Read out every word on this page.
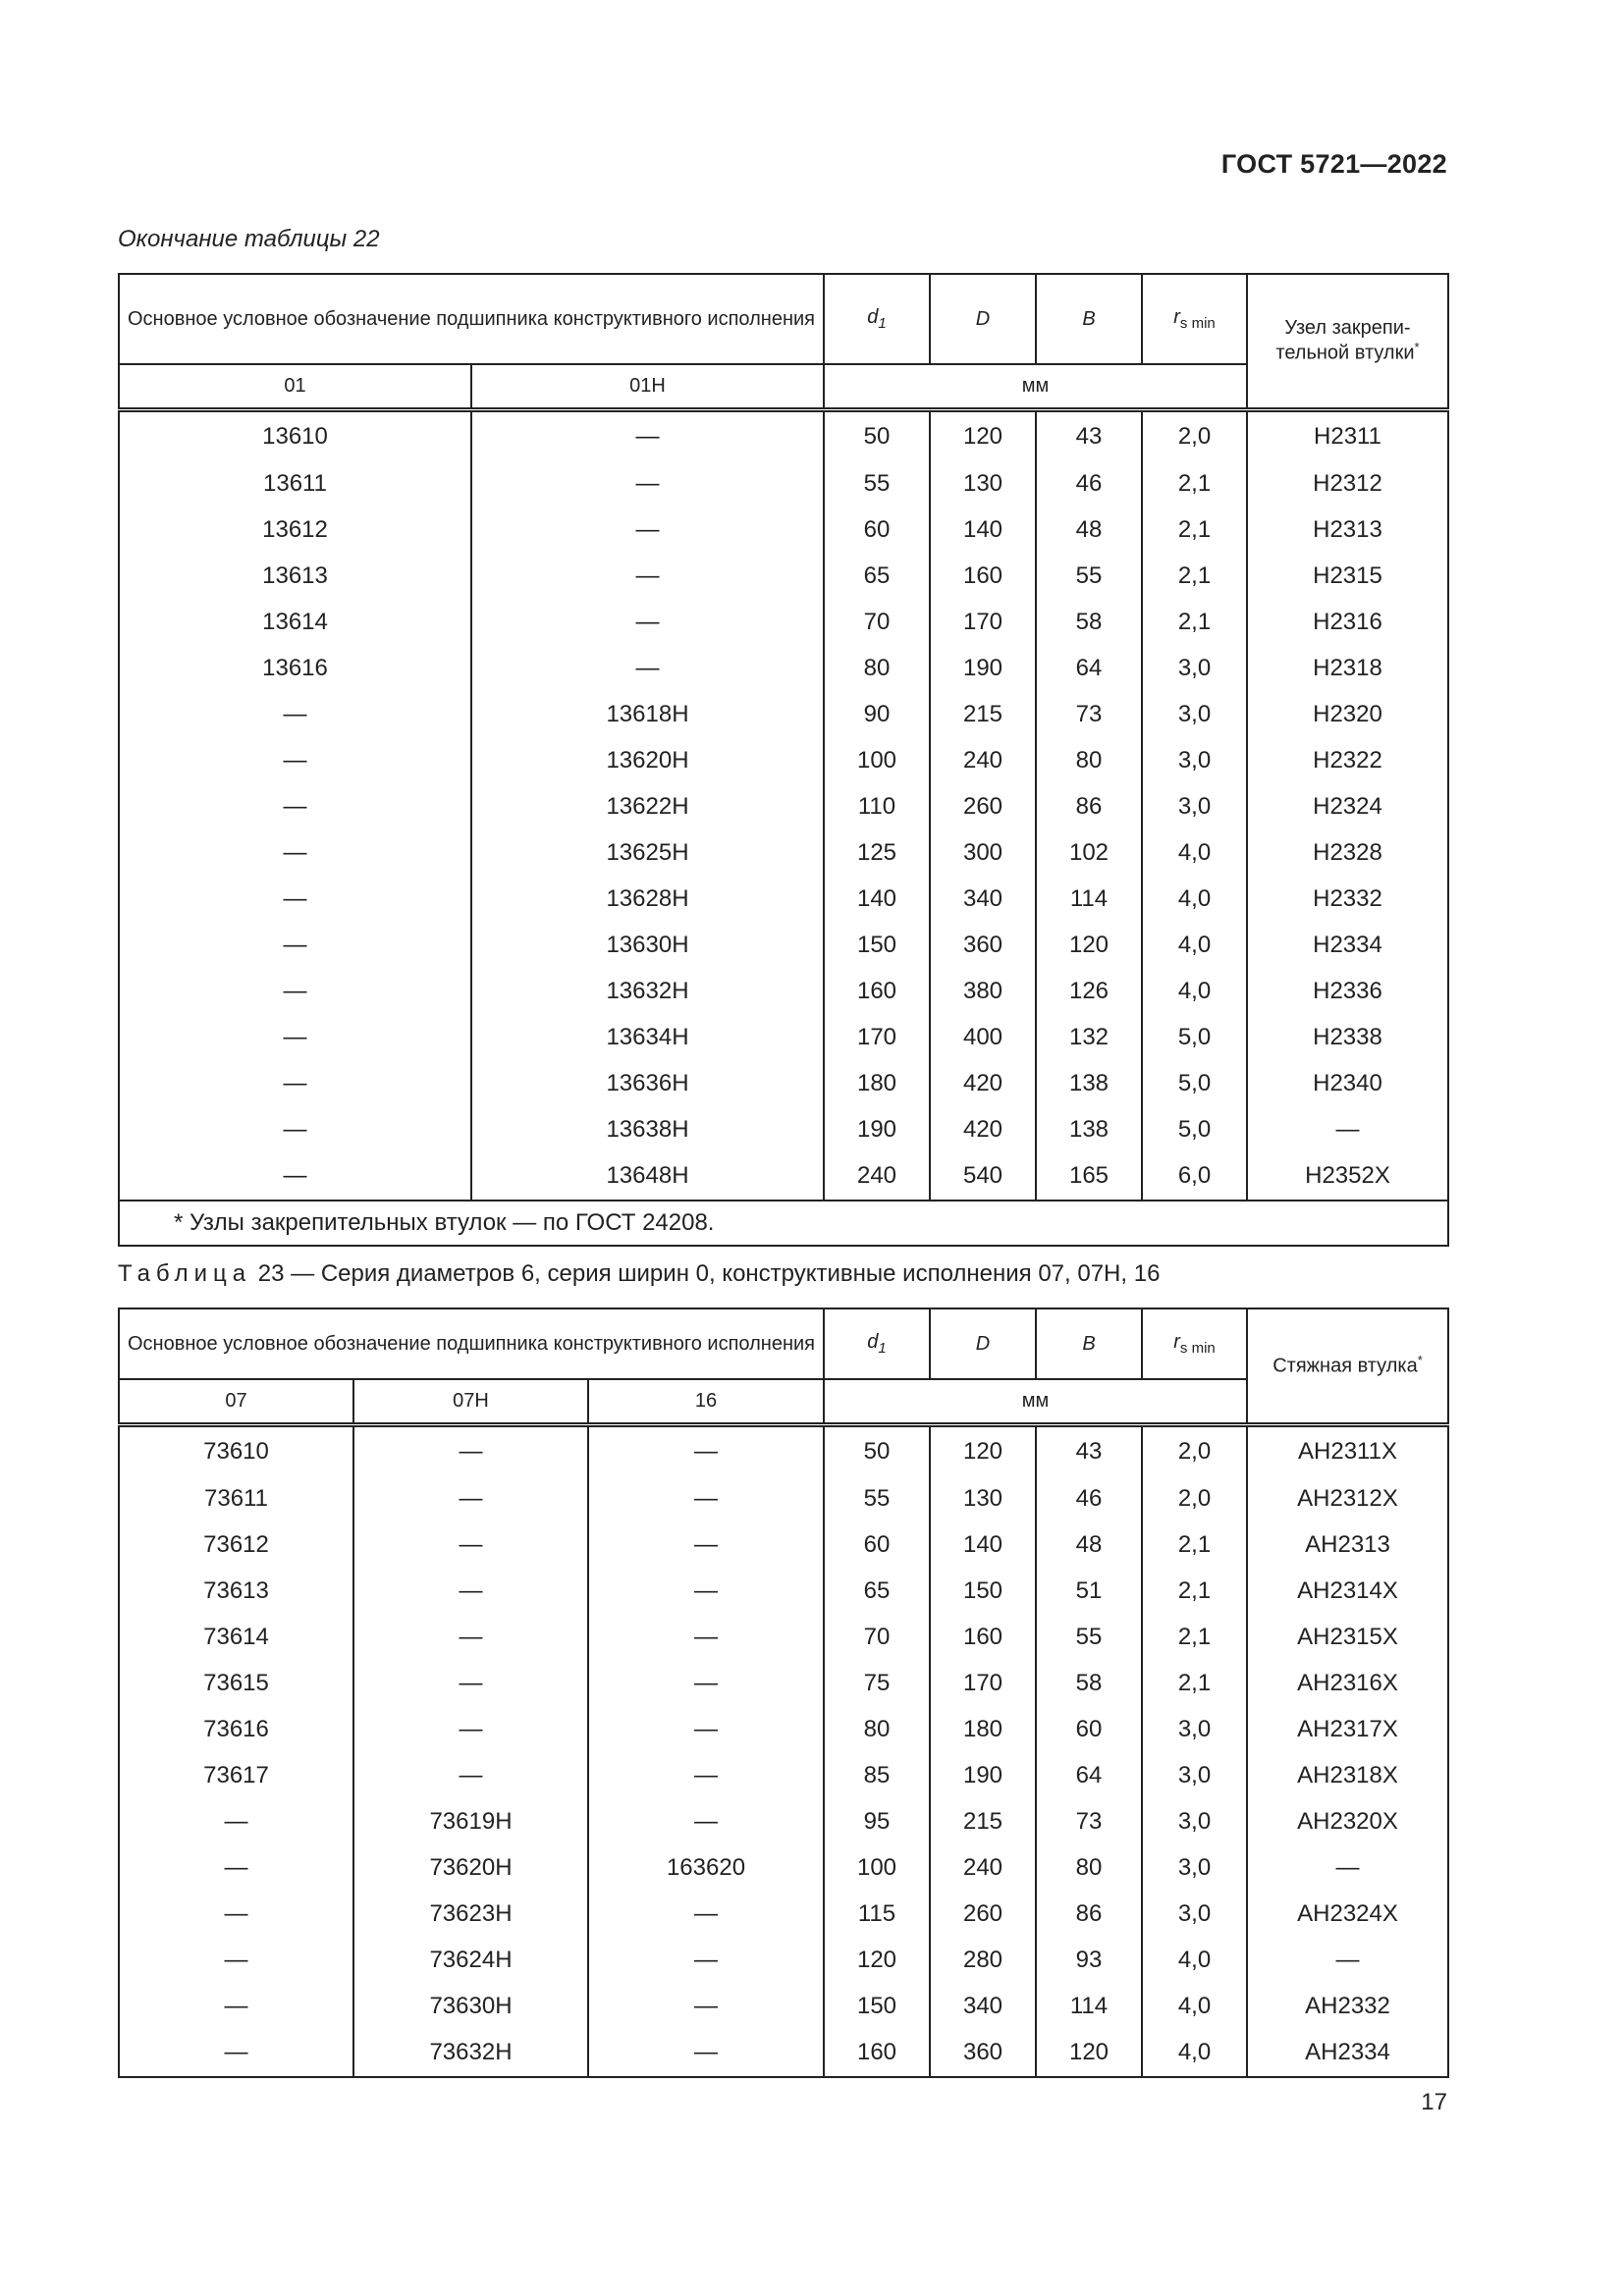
ГОСТ 5721—2022
Окончание таблицы 22
Основное условное обозначение подшипника конструктивного исполнения		$d_1$	D	B	$r_{s min}$	Узел закрепи-тельной втулки*
01	01H	мм				
13610	—	50	120	43	2,0	H2311
13611	—	55	130	46	2,1	H2312
13612	—	60	140	48	2,1	H2313
13613	—	65	160	55	2,1	H2315
13614	—	70	170	58	2,1	H2316
13616	—	80	190	64	3,0	H2318
—	13618H	90	215	73	3,0	H2320
—	13620H	100	240	80	3,0	H2322
—	13622H	110	260	86	3,0	H2324
—	13625H	125	300	102	4,0	H2328
—	13628H	140	340	114	4,0	H2332
—	13630H	150	360	120	4,0	H2334
—	13632H	160	380	126	4,0	H2336
—	13634H	170	400	132	5,0	H2338
—	13636H	180	420	138	5,0	H2340
—	13638H	190	420	138	5,0	—
—	13648H	240	540	165	6,0	H2352X
* Узлы закрепительных втулок — по ГОСТ 24208.						
Таблица 23 — Серия диаметров 6, серия ширин 0, конструктивные исполнения 07, 07H, 16
Основное условное обозначение подшипника конструктивного исполнения			$d_1$	D	B	$r_{s min}$	Стяжная втулка*
07	07H	16	мм				
73610	—	—	50	120	43	2,0	AH2311X
73611	—	—	55	130	46	2,0	AH2312X
73612	—	—	60	140	48	2,1	AH2313
73613	—	—	65	150	51	2,1	AH2314X
73614	—	—	70	160	55	2,1	AH2315X
73615	—	—	75	170	58	2,1	AH2316X
73616	—	—	80	180	60	3,0	AH2317X
73617	—	—	85	190	64	3,0	AH2318X
—	73619H	—	95	215	73	3,0	AH2320X
—	73620H	163620	100	240	80	3,0	—
—	73623H	—	115	260	86	3,0	AH2324X
—	73624H	—	120	280	93	4,0	—
—	73630H	—	150	340	114	4,0	AH2332
—	73632H	—	160	360	120	4,0	AH2334
17
